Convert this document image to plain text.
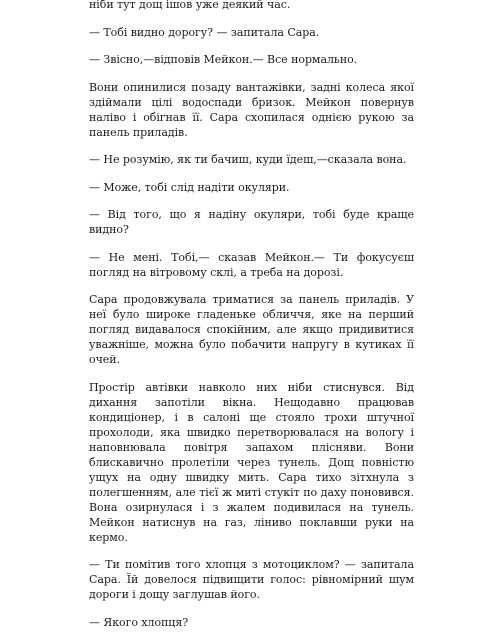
ніби тут дощ ішов уже деякий час.

— Тобі видно дорогу? — запитала Сара.

— Звісно,—відповів Мейкон.— Все нормально.

Вони опинилися позаду вантажівки, задні колеса якої здіймали цілі водоспади бризок. Мейкон повернув наліво і обігнав її. Сара схопилася однією рукою за панель приладів.

— Не розумію, як ти бачиш, куди їдеш,—сказала вона.

— Може, тобі слід надіти окуляри.

— Від того, що я надіну окуляри, тобі буде краще видно?

— Не мені. Тобі,— сказав Мейкон.— Ти фокусуєш погляд на вітровому склі, а треба на дорозі.

Сара продовжувала триматися за панель приладів. У неї було широке гладеньке обличчя, яке на перший погляд видавалося спокійним, але якщо придивитися уважніше, можна було побачити напругу в кутиках її очей.

Простір автівки навколо них ніби стиснувся. Від дихання запотіли вікна. Нещодавно працював кондиціонер, і в салоні ще стояло трохи штучної прохолоди, яка швидко перетворювалася на вологу і наповнювала повітря запахом плісняви. Вони блискавично пролетіли через тунель. Дощ повністю ущух на одну швидку мить. Сара тихо зітхнула з полегшенням, але тієї ж миті стукіт по даху поновився. Вона озирнулася і з жалем подивилася на тунель. Мейкон натиснув на газ, ліниво поклавши руки на кермо.

— Ти помітив того хлопця з мотоциклом? — запитала Сара. Їй довелося підвищити голос: рівномірний шум дороги і дощу заглушав його.

— Якого хлопця?
